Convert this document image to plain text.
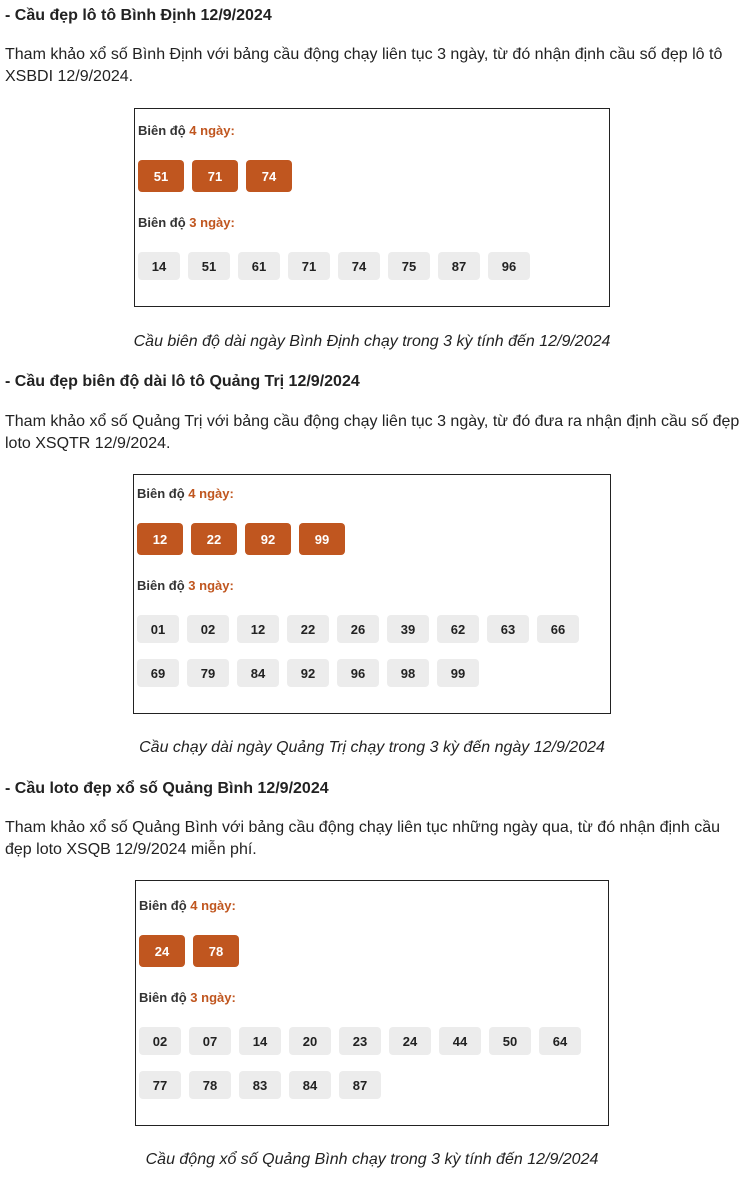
- Cầu đẹp lô tô Bình Định 12/9/2024
Tham khảo xổ số Bình Định với bảng cầu động chạy liên tục 3 ngày, từ đó nhận định cầu số đẹp lô tô XSBDI 12/9/2024.
Biên độ 4 ngày:
51	71	74
Biên độ 3 ngày:
14	51	61	71	74	75	87	96
Cầu biên độ dài ngày Bình Định chạy trong 3 kỳ tính đến 12/9/2024
- Cầu đẹp biên độ dài lô tô Quảng Trị 12/9/2024
Tham khảo xổ số Quảng Trị với bảng cầu động chạy liên tục 3 ngày, từ đó đưa ra nhận định cầu số đẹp loto XSQTR 12/9/2024.
Biên độ 4 ngày:
12	22	92	99
Biên độ 3 ngày:
01	02	12	22	26	39	62	63	66
69	79	84	92	96	98	99
Cầu chạy dài ngày Quảng Trị chạy trong 3 kỳ đến ngày 12/9/2024
- Cầu loto đẹp xổ số Quảng Bình 12/9/2024
Tham khảo xổ số Quảng Bình với bảng cầu động chạy liên tục những ngày qua, từ đó nhận định cầu đẹp loto XSQB 12/9/2024 miễn phí.
Biên độ 4 ngày:
24	78
Biên độ 3 ngày:
02	07	14	20	23	24	44	50	64
77	78	83	84	87
Cầu động xổ số Quảng Bình chạy trong 3 kỳ tính đến 12/9/2024
